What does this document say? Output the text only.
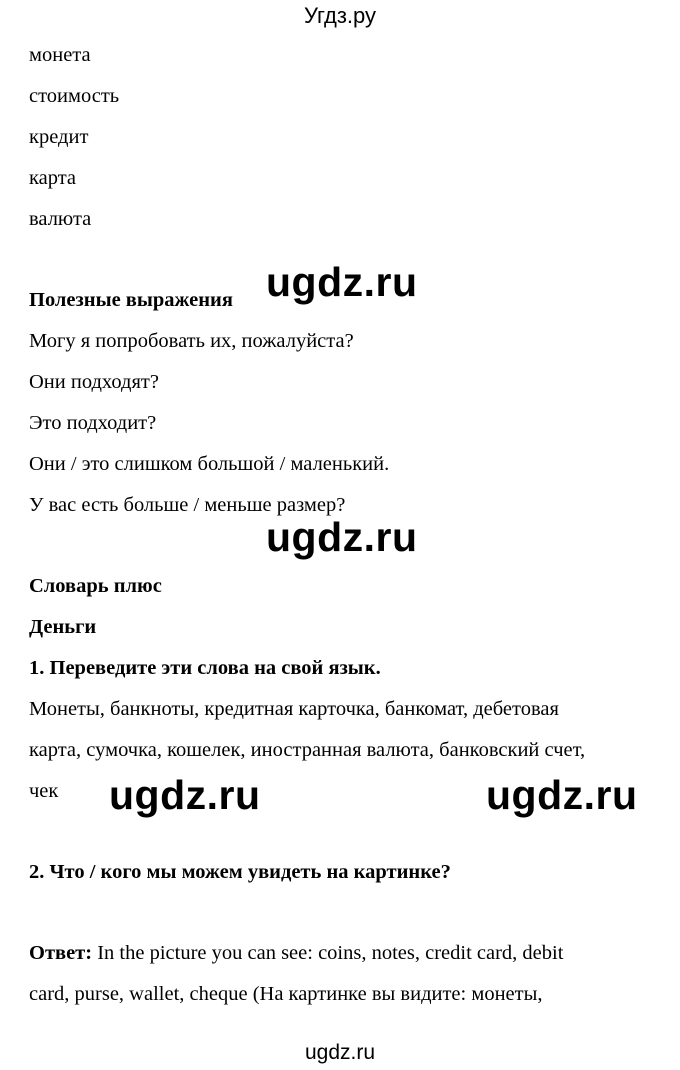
Угдз.ру
монета
стоимость
кредит
карта
валюта
Полезные выражения
Могу я попробовать их, пожалуйста?
Они подходят?
Это подходит?
Они / это слишком большой / маленький.
У вас есть больше / меньше размер?
Словарь плюс
Деньги
1. Переведите эти слова на свой язык.
Монеты, банкноты, кредитная карточка, банкомат, дебетовая
карта, сумочка, кошелек, иностранная валюта, банковский счет,
чек
2. Что / кого мы можем увидеть на картинке?
Ответ: In the picture you can see: coins, notes, credit card, debit
card, purse, wallet, cheque (На картинке вы видите: монеты,
ugdz.ru
ugdz.ru
ugdz.ru	ugdz.ru
ugdz.ru
